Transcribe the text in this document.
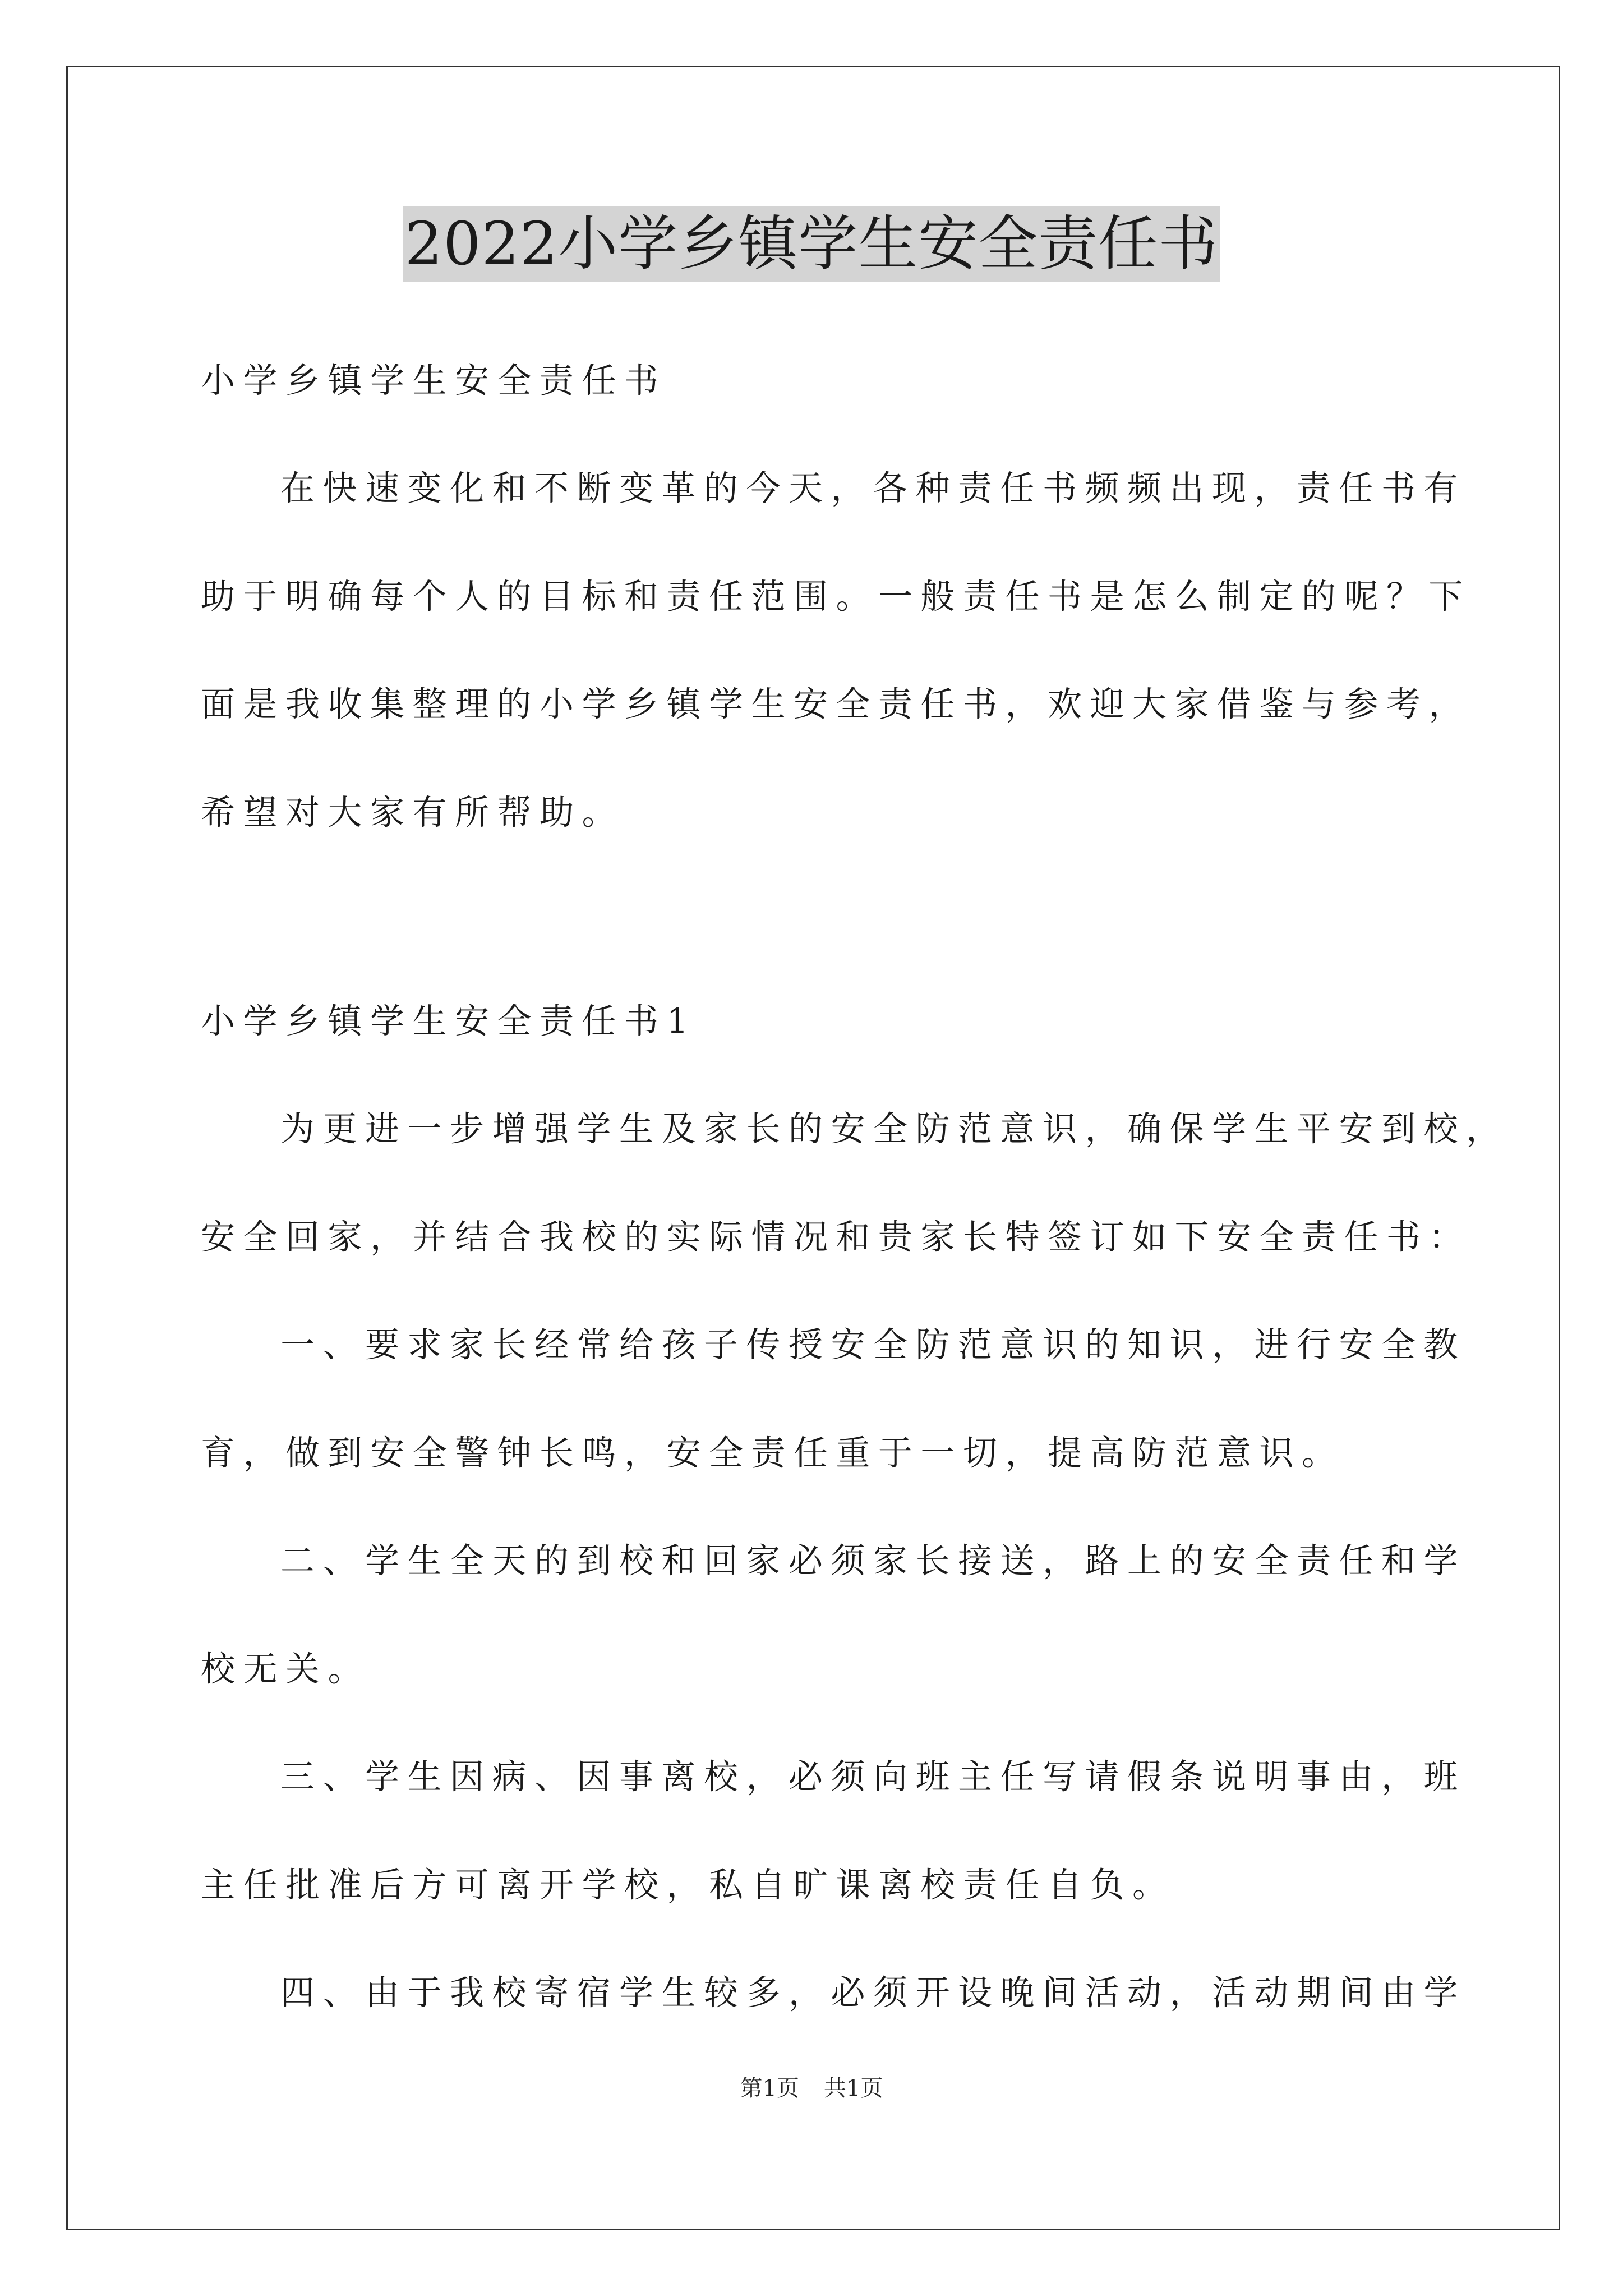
2022小学乡镇学生安全责任书

小学乡镇学生安全责任书

在快速变化和不断变革的今天，各种责任书频频出现，责任书有

助于明确每个人的目标和责任范围。一般责任书是怎么制定的呢？下

面是我收集整理的小学乡镇学生安全责任书，欢迎大家借鉴与参考，

希望对大家有所帮助。

小学乡镇学生安全责任书1

为更进一步增强学生及家长的安全防范意识，确保学生平安到校，

安全回家，并结合我校的实际情况和贵家长特签订如下安全责任书：

一、要求家长经常给孩子传授安全防范意识的知识，进行安全教

育，做到安全警钟长鸣，安全责任重于一切，提高防范意识。

二、学生全天的到校和回家必须家长接送，路上的安全责任和学

校无关。

三、学生因病、因事离校，必须向班主任写请假条说明事由，班

主任批准后方可离开学校，私自旷课离校责任自负。

四、由于我校寄宿学生较多，必须开设晚间活动，活动期间由学

第1页 共1页
